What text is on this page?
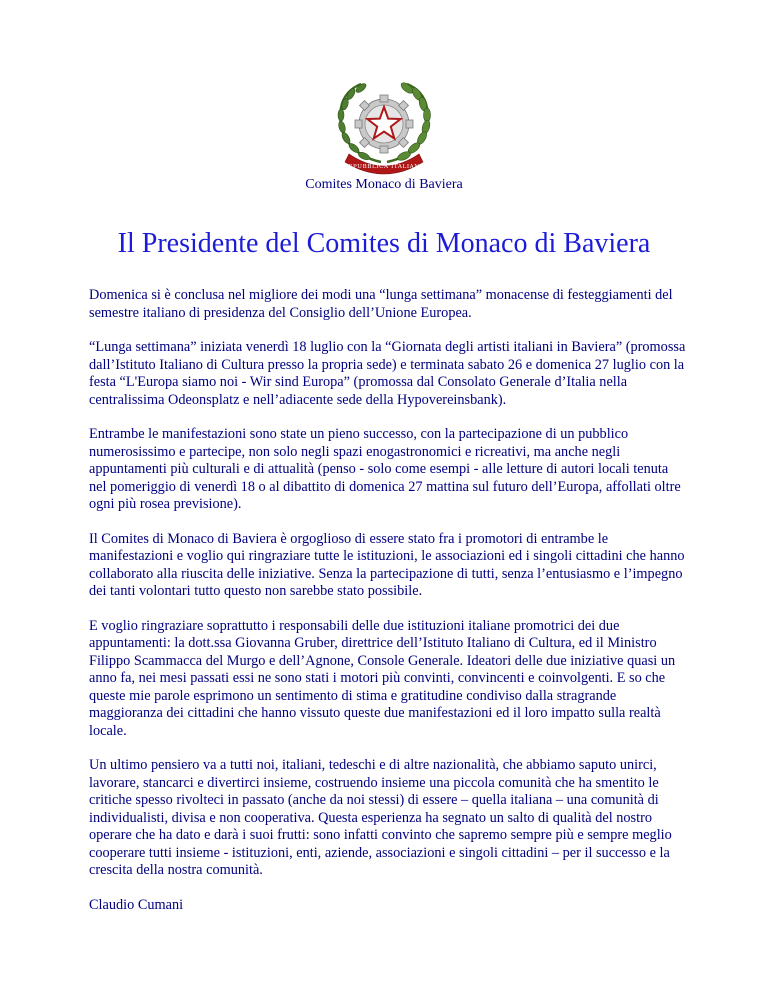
REPUBBLICA ITALIANA
Comites Monaco di Baviera
Il Presidente del Comites di Monaco di Baviera

Domenica si è conclusa nel migliore dei modi una “lunga settimana” monacense di festeggiamenti del semestre italiano di presidenza del Consiglio dell’Unione Europea.

“Lunga settimana” iniziata venerdì 18 luglio con la “Giornata degli artisti italiani in Baviera” (promossa dall’Istituto Italiano di Cultura presso la propria sede) e terminata sabato 26 e domenica 27 luglio con la festa “L'Europa siamo noi - Wir sind Europa” (promossa dal Consolato Generale d’Italia nella centralissima Odeonsplatz e nell’adiacente sede della Hypovereinsbank).

Entrambe le manifestazioni sono state un pieno successo, con la partecipazione di un pubblico numerosissimo e partecipe, non solo negli spazi enogastronomici e ricreativi, ma anche negli appuntamenti più culturali e di attualità (penso - solo come esempi - alle letture di autori locali tenuta nel pomeriggio di venerdì 18 o al dibattito di domenica 27 mattina sul futuro dell’Europa, affollati oltre ogni più rosea previsione).

Il Comites di Monaco di Baviera è orgoglioso di essere stato fra i promotori di entrambe le manifestazioni e voglio qui ringraziare tutte le istituzioni, le associazioni ed i singoli cittadini che hanno collaborato alla riuscita delle iniziative. Senza la partecipazione di tutti, senza l’entusiasmo e l’impegno dei tanti volontari tutto questo non sarebbe stato possibile.

E voglio ringraziare soprattutto i responsabili delle due istituzioni italiane promotrici dei due appuntamenti: la dott.ssa Giovanna Gruber, direttrice dell’Istituto Italiano di Cultura, ed il Ministro Filippo Scammacca del Murgo e dell’Agnone, Console Generale. Ideatori delle due iniziative quasi un anno fa, nei mesi passati essi ne sono stati i motori più convinti, convincenti e coinvolgenti. E so che queste mie parole esprimono un sentimento di stima e gratitudine condiviso dalla stragrande maggioranza dei cittadini che hanno vissuto queste due manifestazioni ed il loro impatto sulla realtà locale.

Un ultimo pensiero va a tutti noi, italiani, tedeschi e di altre nazionalità, che abbiamo saputo unirci, lavorare, stancarci e divertirci insieme, costruendo insieme una piccola comunità che ha smentito le critiche spesso rivolteci in passato (anche da noi stessi) di essere – quella italiana – una comunità di individualisti, divisa e non cooperativa. Questa esperienza ha segnato un salto di qualità del nostro operare che ha dato e darà i suoi frutti: sono infatti convinto che sapremo sempre più e sempre meglio cooperare tutti insieme - istituzioni, enti, aziende, associazioni e singoli cittadini – per il successo e la crescita della nostra comunità.

Claudio Cumani
